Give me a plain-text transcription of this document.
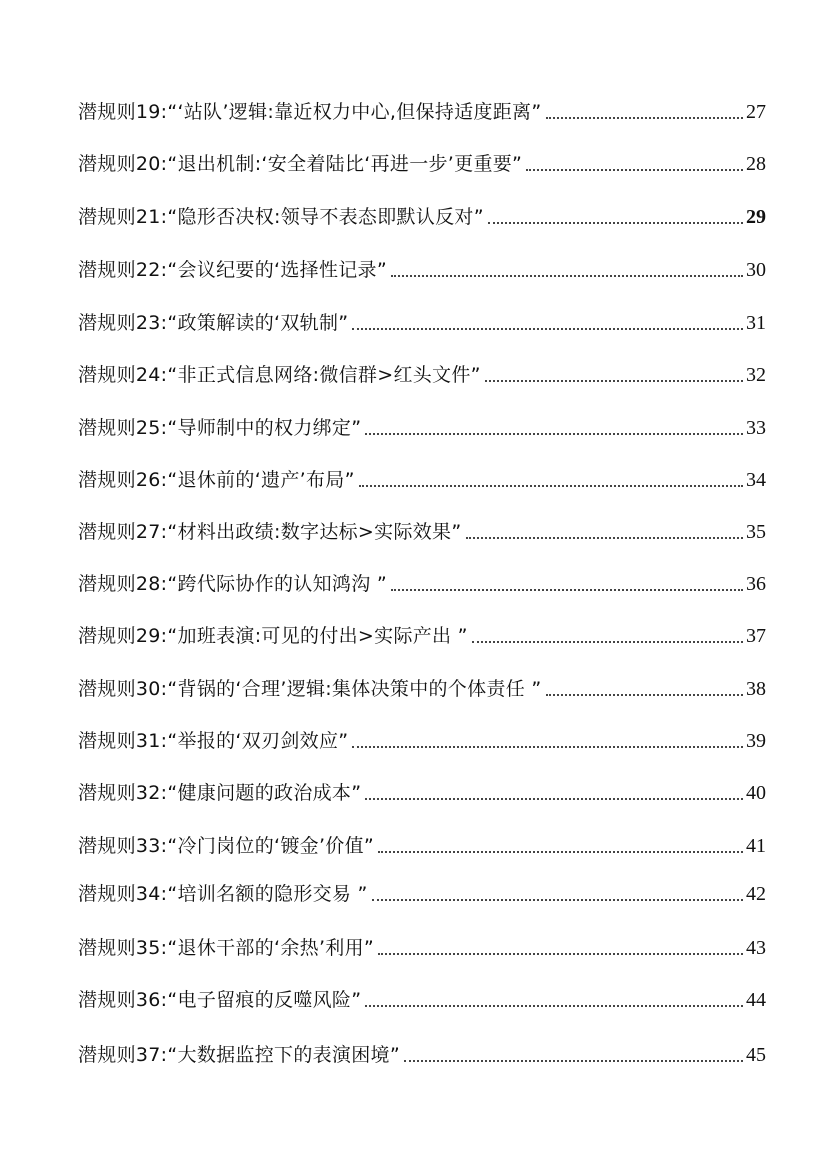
潜规则19:“‘站队’逻辑:靠近权力中心,但保持适度距离”	27
潜规则20:“退出机制:‘安全着陆比‘再进一步’更重要”	28
潜规则21:“隐形否决权:领导不表态即默认反对”	29
潜规则22:“会议纪要的‘选择性记录”	30
潜规则23:“政策解读的‘双轨制”	31
潜规则24:“非正式信息网络:微信群>红头文件”	32
潜规则25:“导师制中的权力绑定”	33
潜规则26:“退休前的‘遗产’布局”	34
潜规则27:“材料出政绩:数字达标>实际效果”	35
潜规则28:“跨代际协作的认知鸿沟 ”	36
潜规则29:“加班表演:可见的付出>实际产出 ”	37
潜规则30:“背锅的‘合理’逻辑:集体决策中的个体责任 ”	38
潜规则31:“举报的‘双刃剑效应”	39
潜规则32:“健康问题的政治成本”	40
潜规则33:“冷门岗位的‘镀金’价值”	41
潜规则34:“培训名额的隐形交易 ”	42
潜规则35:“退休干部的‘余热’利用”	43
潜规则36:“电子留痕的反噬风险”	44
潜规则37:“大数据监控下的表演困境”	45
